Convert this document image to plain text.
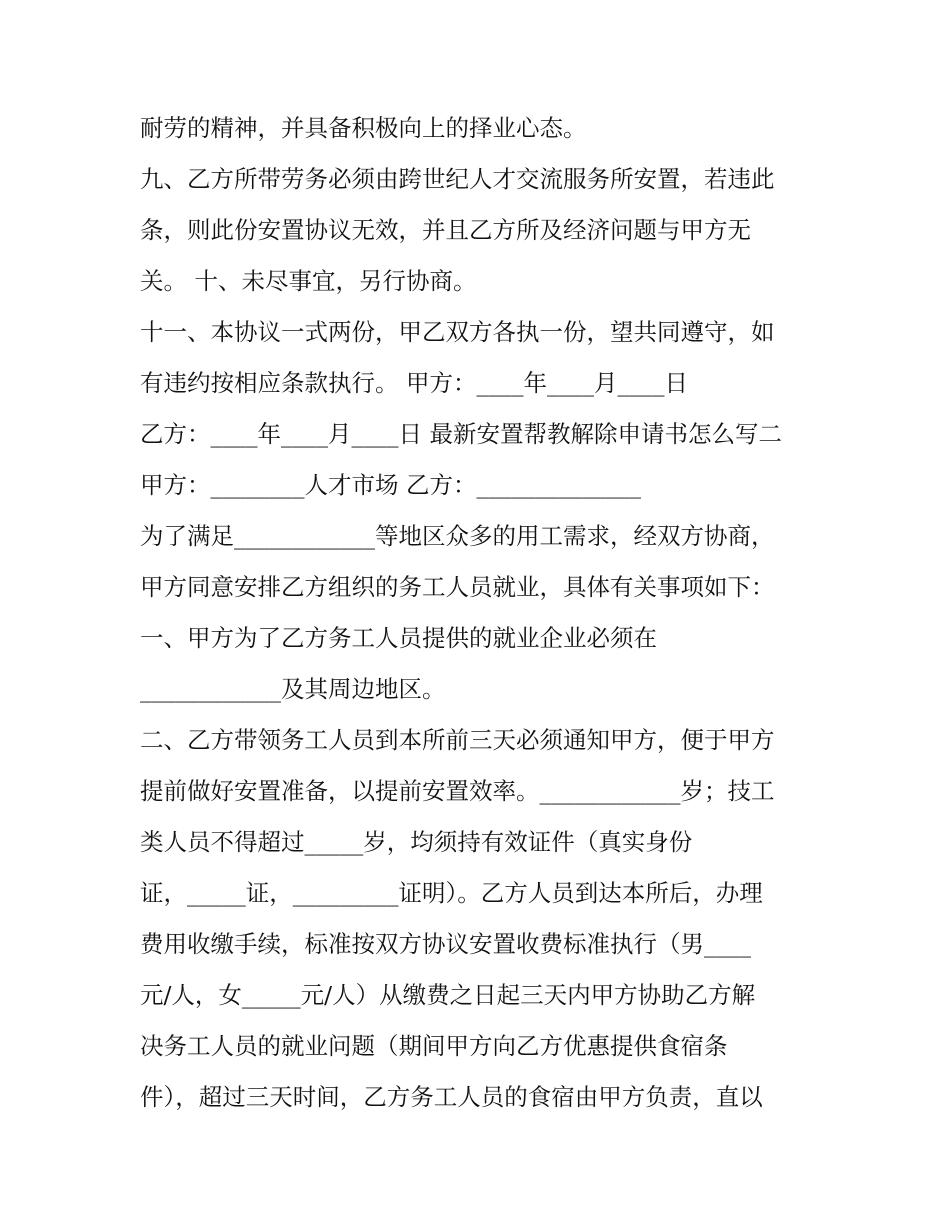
耐劳的精神，并具备积极向上的择业心态。
九、乙方所带劳务必须由跨世纪人才交流服务所安置，若违此
条，则此份安置协议无效，并且乙方所及经济问题与甲方无
关。 十、未尽事宜，另行协商。
十一、本协议一式两份，甲乙双方各执一份，望共同遵守，如
有违约按相应条款执行。 甲方：____年____月____日
乙方：____年____月____日 最新安置帮教解除申请书怎么写二
甲方：________人才市场 乙方：______________
为了满足____________等地区众多的用工需求，经双方协商，
甲方同意安排乙方组织的务工人员就业，具体有关事项如下：
一、甲方为了乙方务工人员提供的就业企业必须在
____________及其周边地区。
二、乙方带领务工人员到本所前三天必须通知甲方，便于甲方
提前做好安置准备，以提前安置效率。____________岁；技工
类人员不得超过_____岁，均须持有效证件（真实身份
证，_____证，_________证明）。乙方人员到达本所后，办理
费用收缴手续，标准按双方协议安置收费标准执行（男____
元/人，女_____元/人）从缴费之日起三天内甲方协助乙方解
决务工人员的就业问题（期间甲方向乙方优惠提供食宿条
件），超过三天时间，乙方务工人员的食宿由甲方负责，直以
